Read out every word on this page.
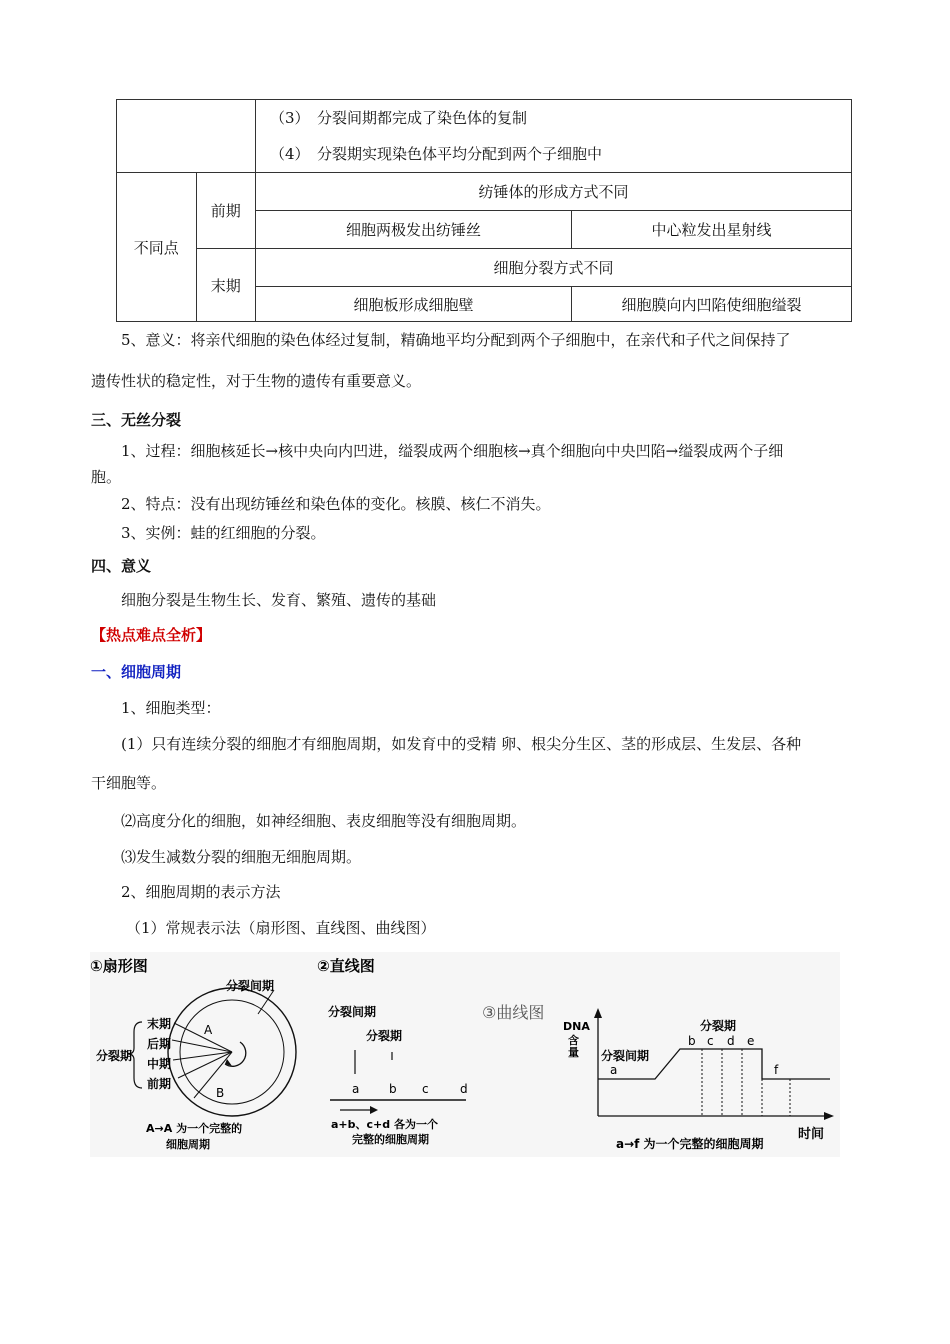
		（3）　分裂间期都完成了染色体的复制
（4）　分裂期实现染色体平均分配到两个子细胞中	

不同点	前期	纺锤体的形成方式不同	
		细胞两极发出纺锤丝	中心粒发出星射线
	末期	细胞分裂方式不同	
		细胞板形成细胞壁	细胞膜向内凹陷使细胞缢裂
5、意义：将亲代细胞的染色体经过复制，精确地平均分配到两个子细胞中，在亲代和子代之间保持了
遗传性状的稳定性，对于生物的遗传有重要意义。
三、无丝分裂
1、过程：细胞核延长→核中央向内凹进，缢裂成两个细胞核→真个细胞向中央凹陷→缢裂成两个子细
胞。
2、特点：没有出现纺锤丝和染色体的变化。核膜、核仁不消失。
3、实例：蛙的红细胞的分裂。
四、意义
细胞分裂是生物生长、发育、繁殖、遗传的基础
【热点难点全析】
一、细胞周期
1、细胞类型：
(1）只有连续分裂的细胞才有细胞周期，如发育中的受精 卵、根尖分生区、茎的形成层、生发层、各种
干细胞等。
⑵高度分化的细胞，如神经细胞、表皮细胞等没有细胞周期。
⑶发生减数分裂的细胞无细胞周期。
2、细胞周期的表示方法
（1）常规表示法（扇形图、直线图、曲线图）
①扇形图
分裂间期
A
B
末期
后期
中期
前期
分裂期
A→A 为一个完整的
细胞周期
②直线图
分裂间期
分裂期
a b c	d
a+b、c+d 各为一个
完整的细胞周期
③曲线图
DNA
含
量 分裂间期
a
分裂期
b c d e
f
时间
a→f 为一个完整的细胞周期
